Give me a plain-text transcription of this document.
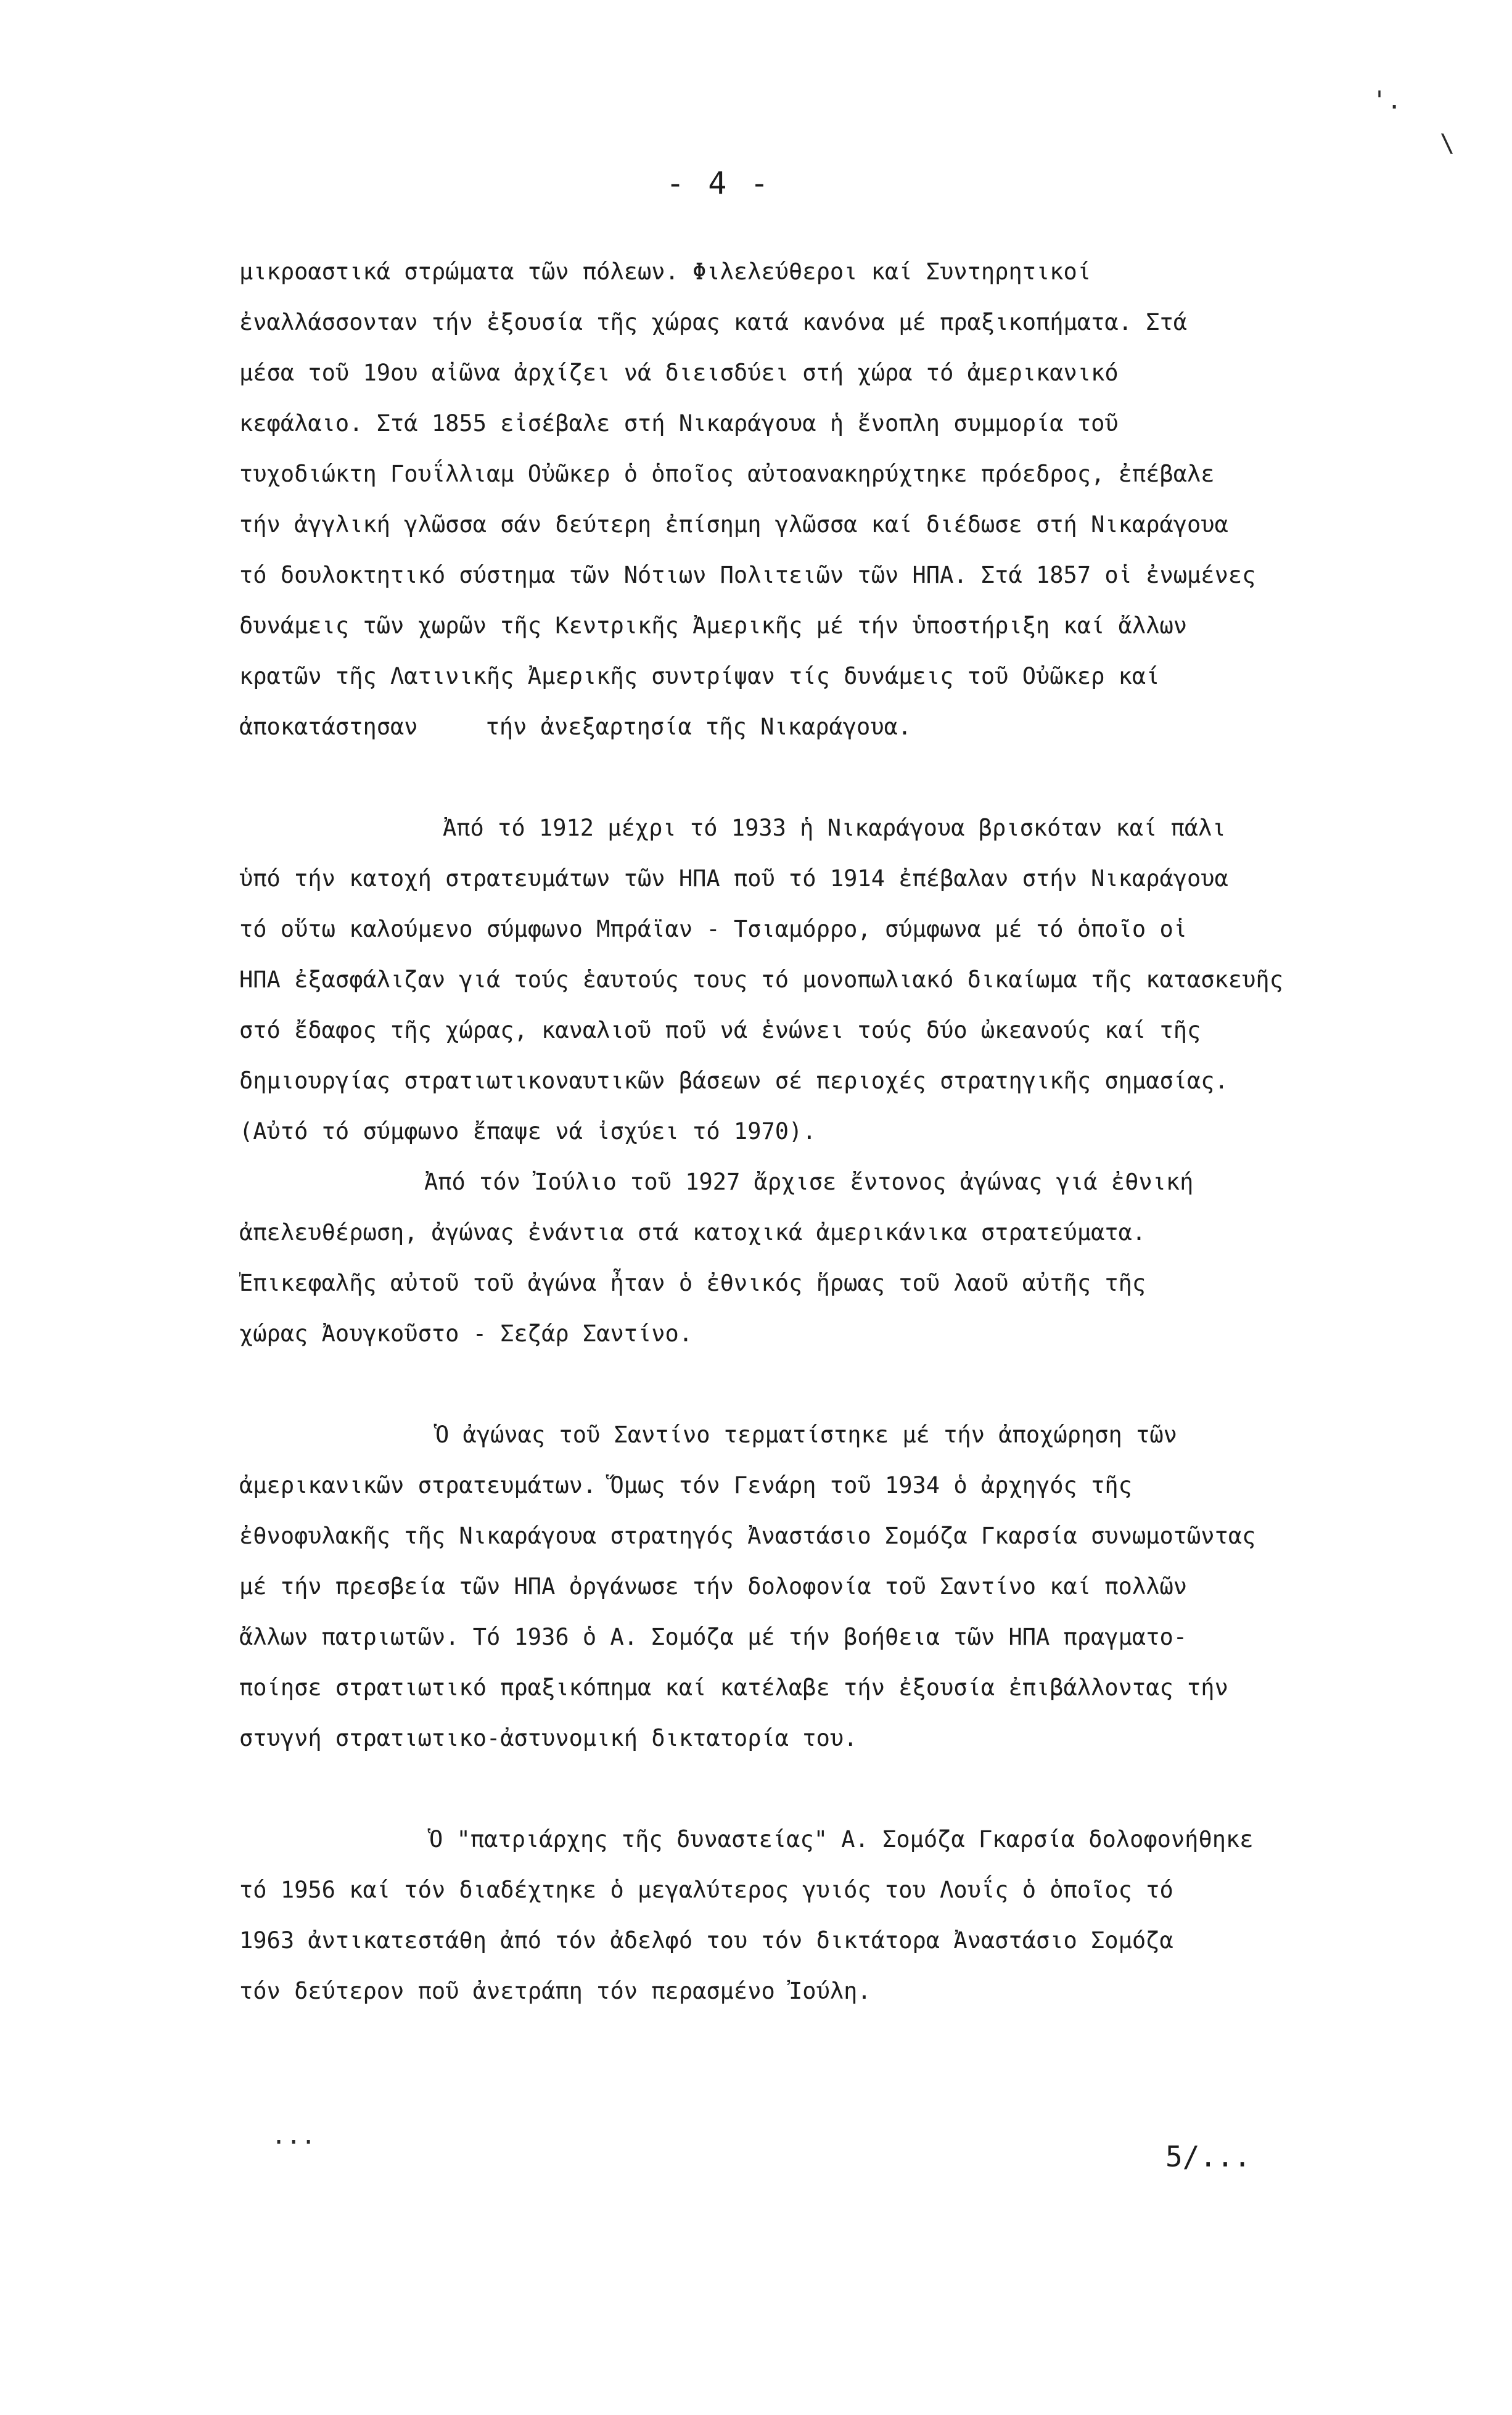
- 4 -
'.
\
μικροαστικά στρώματα τῶν πόλεων. Φιλελεύθεροι καί Συντηρητικοί
ἐναλλάσσονταν τήν ἐξουσία τῆς χώρας κατά κανόνα μέ πραξικοπήματα. Στά
μέσα τοῦ 19ου αἰῶνα ἀρχίζει νά διεισδύει στή χώρα τό ἀμερικανικό
κεφάλαιο. Στά 1855 εἰσέβαλε στή Νικαράγουα ἡ ἔνοπλη συμμορία τοῦ
τυχοδιώκτη Γουΐλλιαμ Οὐῶκερ ὁ ὁποῖος αὐτοανακηρύχτηκε πρόεδρος, ἐπέβαλε
τήν ἀγγλική γλῶσσα σάν δεύτερη ἐπίσημη γλῶσσα καί διέδωσε στή Νικαράγουα
τό δουλοκτητικό σύστημα τῶν Νότιων Πολιτειῶν τῶν ΗΠΑ. Στά 1857 οἱ ἐνωμένες
δυνάμεις τῶν χωρῶν τῆς Κεντρικῆς Ἀμερικῆς μέ τήν ὑποστήριξη καί ἄλλων
κρατῶν τῆς Λατινικῆς Ἀμερικῆς συντρίψαν τίς δυνάμεις τοῦ Οὐῶκερ καί
ἀποκατάστησαν	τήν ἀνεξαρτησία τῆς Νικαράγουα.
Ἀπό τό 1912 μέχρι τό 1933 ἡ Νικαράγουα βρισκόταν καί πάλι
ὑπό τήν κατοχή στρατευμάτων τῶν ΗΠΑ ποῦ τό 1914 ἐπέβαλαν στήν Νικαράγουα
τό οὕτω καλούμενο σύμφωνο Μπράϊαν - Τσιαμόρρο, σύμφωνα μέ τό ὁποῖο οἱ
ΗΠΑ ἐξασφάλιζαν γιά τούς ἑαυτούς τους τό μονοπωλιακό δικαίωμα τῆς κατασκευῆς
στό ἔδαφος τῆς χώρας, καναλιοῦ ποῦ νά ἑνώνει τούς δύο ὠκεανούς καί τῆς
δημιουργίας στρατιωτικοναυτικῶν βάσεων σέ περιοχές στρατηγικῆς σημασίας.
(Αὐτό τό σύμφωνο ἔπαψε νά ἰσχύει τό 1970).
Ἀπό τόν Ἰούλιο τοῦ 1927 ἄρχισε ἔντονος ἀγώνας γιά ἐθνική
ἀπελευθέρωση, ἀγώνας ἐνάντια στά κατοχικά ἀμερικάνικα στρατεύματα.
Ἐπικεφαλῆς αὐτοῦ τοῦ ἀγώνα ἦταν ὁ ἐθνικός ἥρωας τοῦ λαοῦ αὐτῆς τῆς
χώρας Ἀουγκοῦστο - Σεζάρ Σαντίνο.
Ὁ ἀγώνας τοῦ Σαντίνο τερματίστηκε μέ τήν ἀποχώρηση τῶν
ἀμερικανικῶν στρατευμάτων. Ὅμως τόν Γενάρη τοῦ 1934 ὁ ἀρχηγός τῆς
ἐθνοφυλακῆς τῆς Νικαράγουα στρατηγός Ἀναστάσιο Σομόζα Γκαρσία συνωμοτῶντας
μέ τήν πρεσβεία τῶν ΗΠΑ ὀργάνωσε τήν δολοφονία τοῦ Σαντίνο καί πολλῶν
ἄλλων πατριωτῶν. Τό 1936 ὁ Α. Σομόζα μέ τήν βοήθεια τῶν ΗΠΑ πραγματο-
ποίησε στρατιωτικό πραξικόπημα καί κατέλαβε τήν ἐξουσία ἐπιβάλλοντας τήν
στυγνή στρατιωτικο-ἀστυνομική δικτατορία του.
Ὁ "πατριάρχης τῆς δυναστείας" Α. Σομόζα Γκαρσία δολοφονήθηκε
τό 1956 καί τόν διαδέχτηκε ὁ μεγαλύτερος γυιός του Λουΐς ὁ ὁποῖος τό
1963 ἀντικατεστάθη ἀπό τόν ἀδελφό του τόν δικτάτορα Ἀναστάσιο Σομόζα
τόν δεύτερον ποῦ ἀνετράπη τόν περασμένο Ἰούλη.
...
5/...
